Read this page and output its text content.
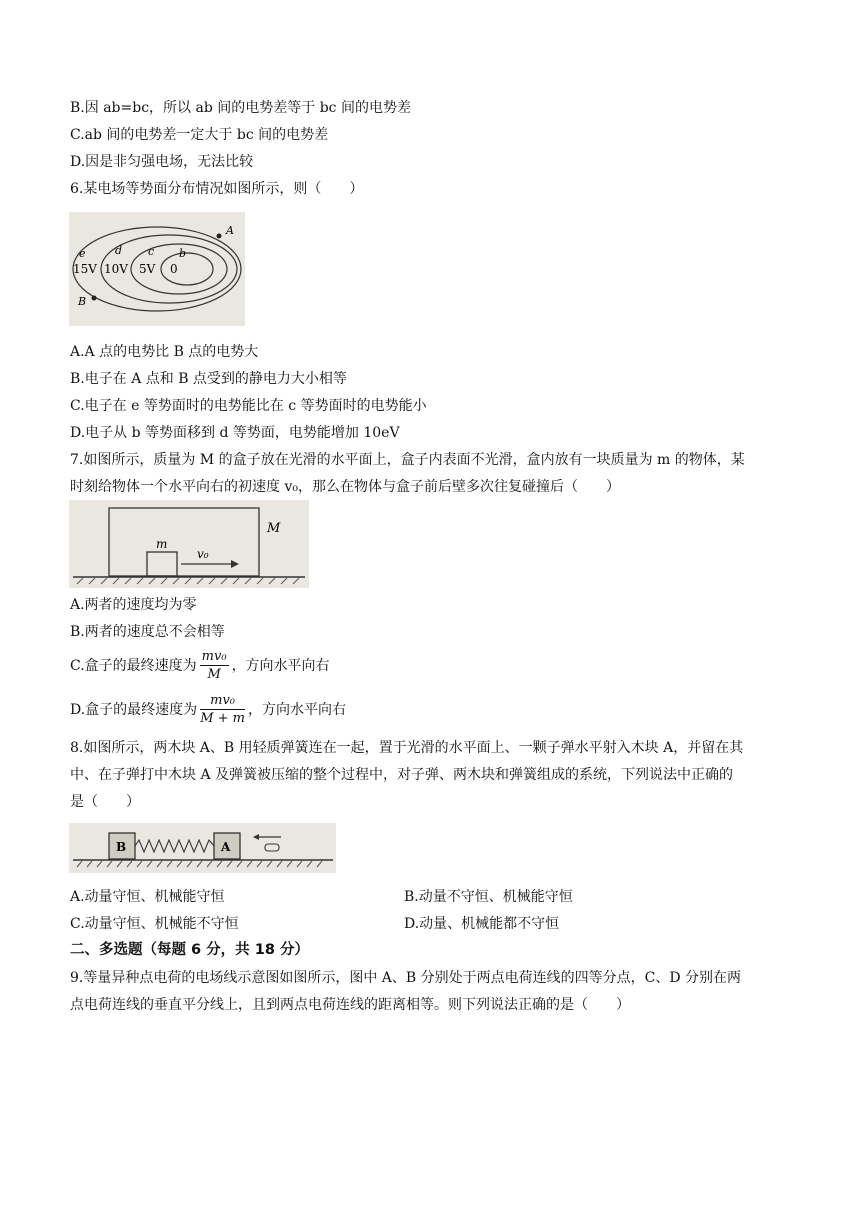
B.因 ab=bc，所以 ab 间的电势差等于 bc 间的电势差
C.ab 间的电势差一定大于 bc 间的电势差
D.因是非匀强电场，无法比较
6.某电场等势面分布情况如图所示，则（　　）
A
B
e	d c b
15V 10V 5V 0
A.A 点的电势比 B 点的电势大
B.电子在 A 点和 B 点受到的静电力大小相等
C.电子在 e 等势面时的电势能比在 c 等势面时的电势能小
D.电子从 b 等势面移到 d 等势面，电势能增加 10eV
7.如图所示，质量为 M 的盒子放在光滑的水平面上，盒子内表面不光滑，盒内放有一块质量为 m 的物体，某
时刻给物体一个水平向右的初速度 v₀，那么在物体与盒子前后壁多次往复碰撞后（　　）
M
m
v₀
A.两者的速度均为零
B.两者的速度总不会相等
C.盒子的最终速度为 $\frac{\text{mv₀}}{M}$ ，方向水平向右
D.盒子的最终速度为 $\frac{\text{mv₀}}{M + m}$ ，方向水平向右
8.如图所示，两木块 A、B 用轻质弹簧连在一起，置于光滑的水平面上、一颗子弹水平射入木块 A，并留在其
中、在子弹打中木块 A 及弹簧被压缩的整个过程中，对子弹、两木块和弹簧组成的系统，下列说法中正确的
是（　　）
B	A
A.动量守恒、机械能守恒	B.动量不守恒、机械能守恒
C.动量守恒、机械能不守恒	D.动量、机械能都不守恒
二、多选题（每题 6 分，共 18 分）
9.等量异种点电荷的电场线示意图如图所示，图中 A、B 分别处于两点电荷连线的四等分点，C、D 分别在两
点电荷连线的垂直平分线上，且到两点电荷连线的距离相等。则下列说法正确的是（　　）
